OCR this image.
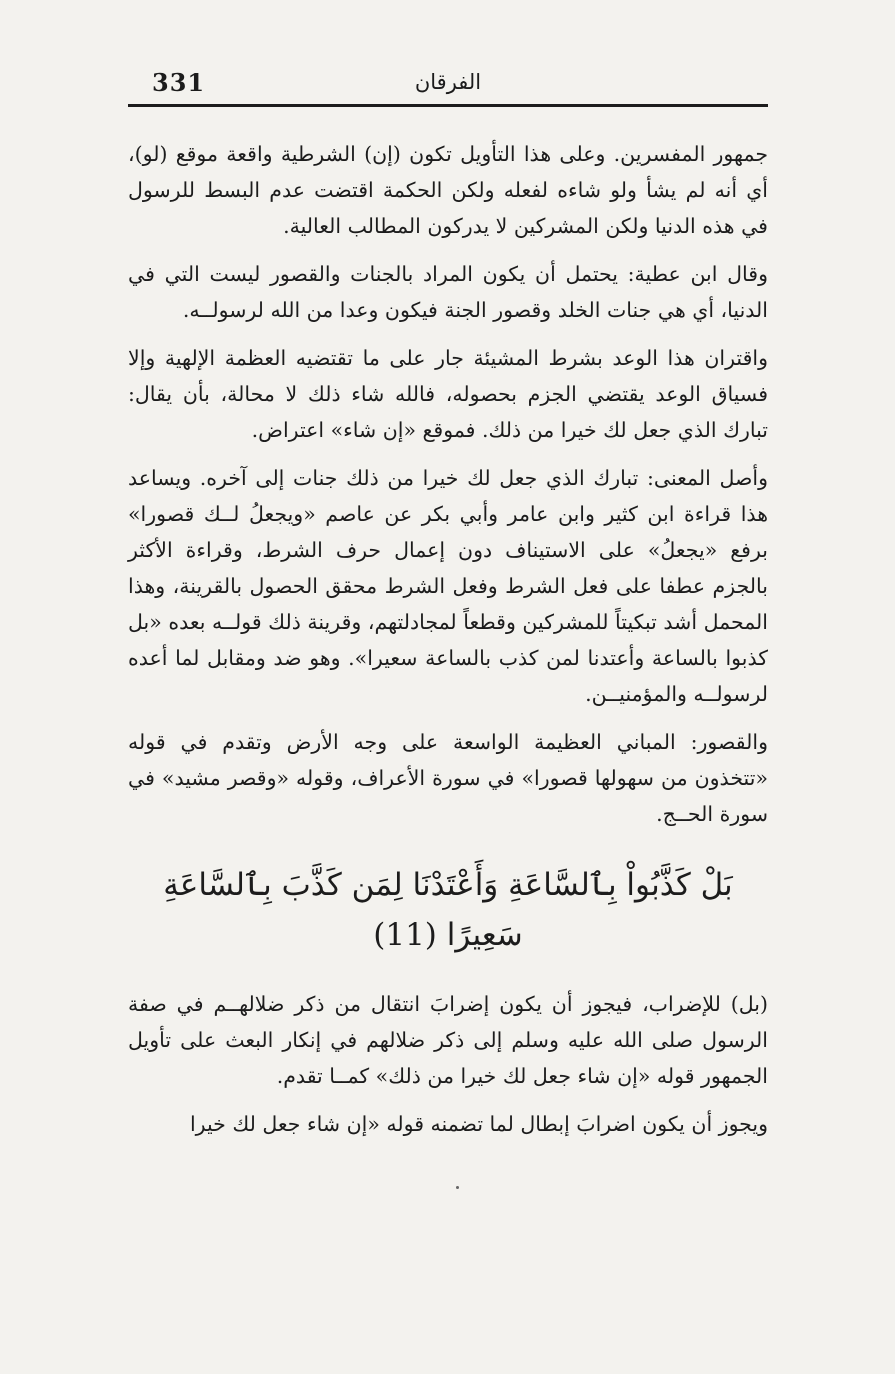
331	الفرقان

جمهور المفسرين. وعلى هذا التأويل تكون (إن) الشرطية واقعة موقع (لو)، أي أنه لم يشأ ولو شاءه لفعله ولكن الحكمة اقتضت عدم البسط للرسول في هذه الدنيا ولكن المشركين لا يدركون المطالب العالية.

وقال ابن عطية: يحتمل أن يكون المراد بالجنات والقصور ليست التي في الدنيا، أي هي جنات الخلد وقصور الجنة فيكون وعدا من الله لرسولــه.

واقتران هذا الوعد بشرط المشيئة جار على ما تقتضيه العظمة الإلهية وإلا فسياق الوعد يقتضي الجزم بحصوله، فالله شاء ذلك لا محالة، بأن يقال: تبارك الذي جعل لك خيرا من ذلك. فموقع «إن شاء» اعتراض.

وأصل المعنى: تبارك الذي جعل لك خيرا من ذلك جنات إلى آخره. ويساعد هذا قراءة ابن كثير وابن عامر وأبي بكر عن عاصم «ويجعلُ لــك قصورا» برفع «يجعلُ» على الاستيناف دون إعمال حرف الشرط، وقراءة الأكثر بالجزم عطفا على فعل الشرط وفعل الشرط محقق الحصول بالقرينة، وهذا المحمل أشد تبكيتاً للمشركين وقطعاً لمجادلتهم، وقرينة ذلك قولــه بعده «بل كذبوا بالساعة وأعتدنا لمن كذب بالساعة سعيرا». وهو ضد ومقابل لما أعده لرسولــه والمؤمنيــن.

والقصور: المباني العظيمة الواسعة على وجه الأرض وتقدم في قوله «تتخذون من سهولها قصورا» في سورة الأعراف، وقوله «وقصر مشيد» في سورة الحــج.

بَلْ كَذَّبُواْ بِٱلسَّاعَةِ وَأَعْتَدْنَا لِمَن كَذَّبَ بِٱلسَّاعَةِ سَعِيرًا (11)

(بل) للإضراب، فيجوز أن يكون إضرابَ انتقال من ذكر ضلالهــم في صفة الرسول صلى الله عليه وسلم إلى ذكر ضلالهم في إنكار البعث على تأويل الجمهور قوله «إن شاء جعل لك خيرا من ذلك» كمــا تقدم.

ويجوز أن يكون اضرابَ إبطال لما تضمنه قوله «إن شاء جعل لك خيرا
